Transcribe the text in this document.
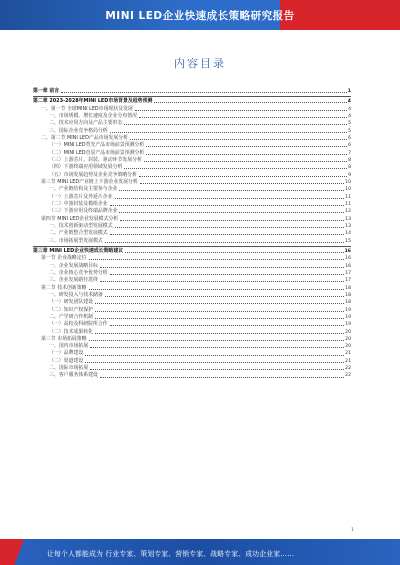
MINI LED企业快速成长策略研究报告
内容目录
第一章 前言	1
第二章 2023-2028年MINI LED市场背景及趋势预测	4
一、第一节 全球MINI LED市场现状及发展	4
一、市场规模、增长速度及企业分布情况	4
二、技术应用方向及产品主要形态	5
三、国际企业竞争格局分析	5
二、第二节 MINI LED产品市场发展分析	6
（一）MINI LED背光产品市场前景预测分析	6
（二）MINI LED直显产品市场前景预测分析	7
（三）上游芯片、封装、驱动环节发展分析	8
（四）下游终端应用领域发展分析	8
（五）市场发展趋势及企业竞争策略分析	9
第三节 MINI LED产业链上下游企业发展分析	10
一、产业链结构及主要参与企业	10
（一）上游芯片及外延片企业	11
（二）中游封装及模组企业	11
（三）下游应用及终端品牌企业	12
第四节 MINI LED企业发展模式分析	13
一、技术创新驱动型发展模式	13
二、产业链整合型发展模式	14
三、市场拓展型发展模式	15
第三章 MINI LED企业快速成长策略建议	16
第一节 企业战略定位	16
一、企业发展战略目标	16
二、企业核心竞争优势分析	17
三、企业发展路径选择	17
第二节 技术创新策略	18
一、研发投入与技术储备	18
（一）研发团队建设	18
（二）知识产权保护	19
二、产学研合作机制	19
（一）高校及科研院所合作	19
（二）技术成果转化	20
第三节 市场拓展策略	20
一、国内市场拓展	20
（一）品牌建设	21
（二）渠道建设	21
二、国际市场拓展	22
三、客户服务体系建设	22
1
让每个人都能成为 行业专家、策划专家、营销专家、战略专家、成功企业家……
